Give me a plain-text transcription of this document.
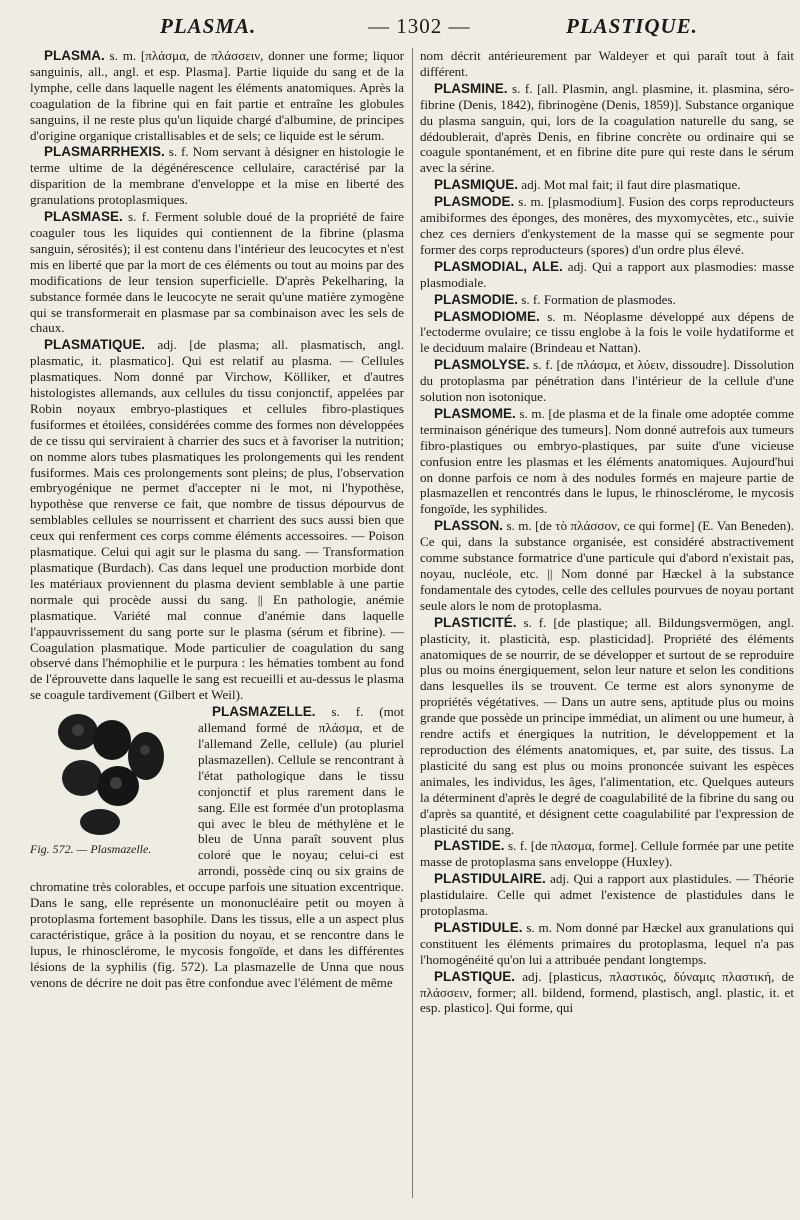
PLASMA.	— 1302 —	PLASTIQUE.

PLASMA. s. m. [πλάσμα, de πλάσσειν, donner une forme; liquor sanguinis, all., angl. et esp. Plasma]. Partie liquide du sang et de la lymphe, celle dans laquelle nagent les éléments anatomiques. Après la coagulation de la fibrine qui en fait partie et entraîne les globules sanguins, il ne reste plus qu'un liquide chargé d'albumine, de principes d'origine organique cristallisables et de sels; ce liquide est le sérum.

PLASMARRHEXIS. s. f. Nom servant à désigner en histologie le terme ultime de la dégénérescence cellulaire, caractérisé par la disparition de la membrane d'enveloppe et la mise en liberté des granulations protoplasmiques.

PLASMASE. s. f. Ferment soluble doué de la propriété de faire coaguler tous les liquides qui contiennent de la fibrine (plasma sanguin, sérosités); il est contenu dans l'intérieur des leucocytes et n'est mis en liberté que par la mort de ces éléments ou tout au moins par des modifications de leur tension superficielle. D'après Pekelharing, la substance formée dans le leucocyte ne serait qu'une matière zymogène qui se transformerait en plasmase par sa combinaison avec les sels de chaux.

PLASMATIQUE. adj. [de plasma; all. plasmatisch, angl. plasmatic, it. plasmatico]. Qui est relatif au plasma. — Cellules plasmatiques. Nom donné par Virchow, Kölliker, et d'autres histologistes allemands, aux cellules du tissu conjonctif, appelées par Robin noyaux embryo-plastiques et cellules fibro-plastiques fusiformes et étoilées, considérées comme des formes non développées de ce tissu qui serviraient à charrier des sucs et à favoriser la nutrition; on nomme alors tubes plasmatiques les prolongements qui les rendent fusiformes. Mais ces prolongements sont pleins; de plus, l'observation embryogénique ne permet d'accepter ni le mot, ni l'hypothèse, hypothèse que renverse ce fait, que nombre de tissus dépourvus de semblables cellules se nourrissent et charrient des sucs aussi bien que ceux qui renferment ces corps comme éléments accessoires. — Poison plasmatique. Celui qui agit sur le plasma du sang. — Transformation plasmatique (Burdach). Cas dans lequel une production morbide dont les matériaux proviennent du plasma devient semblable à une partie normale qui procède aussi du sang. || En pathologie, anémie plasmatique. Variété mal connue d'anémie dans laquelle l'appauvrissement du sang porte sur le plasma (sérum et fibrine). — Coagulation plasmatique. Mode particulier de coagulation du sang observé dans l'hémophilie et le purpura : les hématies tombent au fond de l'éprouvette dans laquelle le sang est recueilli et au-dessus le plasma se coagule tardivement (Gilbert et Weil).

Fig. 572. — Plasmazelle.

PLASMAZELLE. s. f. (mot allemand formé de πλάσμα, et de l'allemand Zelle, cellule) (au pluriel plasmazellen). Cellule se rencontrant à l'état pathologique dans le tissu conjonctif et plus rarement dans le sang. Elle est formée d'un protoplasma qui avec le bleu de méthylène et le bleu de Unna paraît souvent plus coloré que le noyau; celui-ci est arrondi, possède cinq ou six grains de chromatine très colorables, et occupe parfois une situation excentrique. Dans le sang, elle représente un mononucléaire petit ou moyen à protoplasma fortement basophile. Dans les tissus, elle a un aspect plus caractéristique, grâce à la position du noyau, et se rencontre dans le lupus, le rhinosclérome, le mycosis fongoïde, et dans les différentes lésions de la syphilis (fig. 572). La plasmazelle de Unna que nous venons de décrire ne doit pas être confondue avec l'élément de même

nom décrit antérieurement par Waldeyer et qui paraît tout à fait différent.

PLASMINE. s. f. [all. Plasmin, angl. plasmine, it. plasmina, séro-fibrine (Denis, 1842), fibrinogène (Denis, 1859)]. Substance organique du plasma sanguin, qui, lors de la coagulation naturelle du sang, se dédoublerait, d'après Denis, en fibrine concrète ou ordinaire qui se coagule spontanément, et en fibrine dite pure qui reste dans le sérum avec la sérine.

PLASMIQUE. adj. Mot mal fait; il faut dire plasmatique.

PLASMODE. s. m. [plasmodium]. Fusion des corps reproducteurs amibiformes des éponges, des monères, des myxomycètes, etc., suivie chez ces derniers d'enkystement de la masse qui se segmente pour former des corps reproducteurs (spores) d'un ordre plus élevé.

PLASMODIAL, ALE. adj. Qui a rapport aux plasmodies: masse plasmodiale.

PLASMODIE. s. f. Formation de plasmodes.

PLASMODIOME. s. m. Néoplasme développé aux dépens de l'ectoderme ovulaire; ce tissu englobe à la fois le voile hydatiforme et le deciduum malaire (Brindeau et Nattan).

PLASMOLYSE. s. f. [de πλάσμα, et λύειν, dissoudre]. Dissolution du protoplasma par pénétration dans l'intérieur de la cellule d'une solution non isotonique.

PLASMOME. s. m. [de plasma et de la finale ome adoptée comme terminaison générique des tumeurs]. Nom donné autrefois aux tumeurs fibro-plastiques ou embryo-plastiques, par suite d'une vicieuse confusion entre les plasmas et les éléments anatomiques. Aujourd'hui on donne parfois ce nom à des nodules formés en majeure partie de plasmazellen et rencontrés dans le lupus, le rhinosclérome, le mycosis fongoïde, les syphilides.

PLASSON. s. m. [de τὸ πλάσσον, ce qui forme] (E. Van Beneden). Ce qui, dans la substance organisée, est considéré abstractivement comme substance formatrice d'une particule qui d'abord n'existait pas, noyau, nucléole, etc. || Nom donné par Hæckel à la substance fondamentale des cytodes, celle des cellules pourvues de noyau portant seule alors le nom de protoplasma.

PLASTICITÉ. s. f. [de plastique; all. Bildungsvermögen, angl. plasticity, it. plasticità, esp. plasticidad]. Propriété des éléments anatomiques de se nourrir, de se développer et surtout de se reproduire plus ou moins énergiquement, selon leur nature et selon les conditions dans lesquelles ils se trouvent. Ce terme est alors synonyme de propriétés végétatives. — Dans un autre sens, aptitude plus ou moins grande que possède un principe immédiat, un aliment ou une humeur, à rendre actifs et énergiques la nutrition, le développement et la reproduction des éléments anatomiques, et, par suite, des tissus. La plasticité du sang est plus ou moins prononcée suivant les espèces animales, les individus, les âges, l'alimentation, etc. Quelques auteurs la déterminent d'après le degré de coagulabilité de la fibrine du sang ou d'après sa quantité, et désignent cette coagulabilité par l'expression de plasticité du sang.

PLASTIDE. s. f. [de πλασμα, forme]. Cellule formée par une petite masse de protoplasma sans enveloppe (Huxley).

PLASTIDULAIRE. adj. Qui a rapport aux plastidules. — Théorie plastidulaire. Celle qui admet l'existence de plastidules dans le protoplasma.

PLASTIDULE. s. m. Nom donné par Hæckel aux granulations qui constituent les éléments primaires du protoplasma, lequel n'a pas l'homogénéité qu'on lui a attribuée pendant longtemps.

PLASTIQUE. adj. [plasticus, πλαστικός, δύναμις πλαστική, de πλάσσειν, former; all. bildend, formend, plastisch, angl. plastic, it. et esp. plastico]. Qui forme, qui
